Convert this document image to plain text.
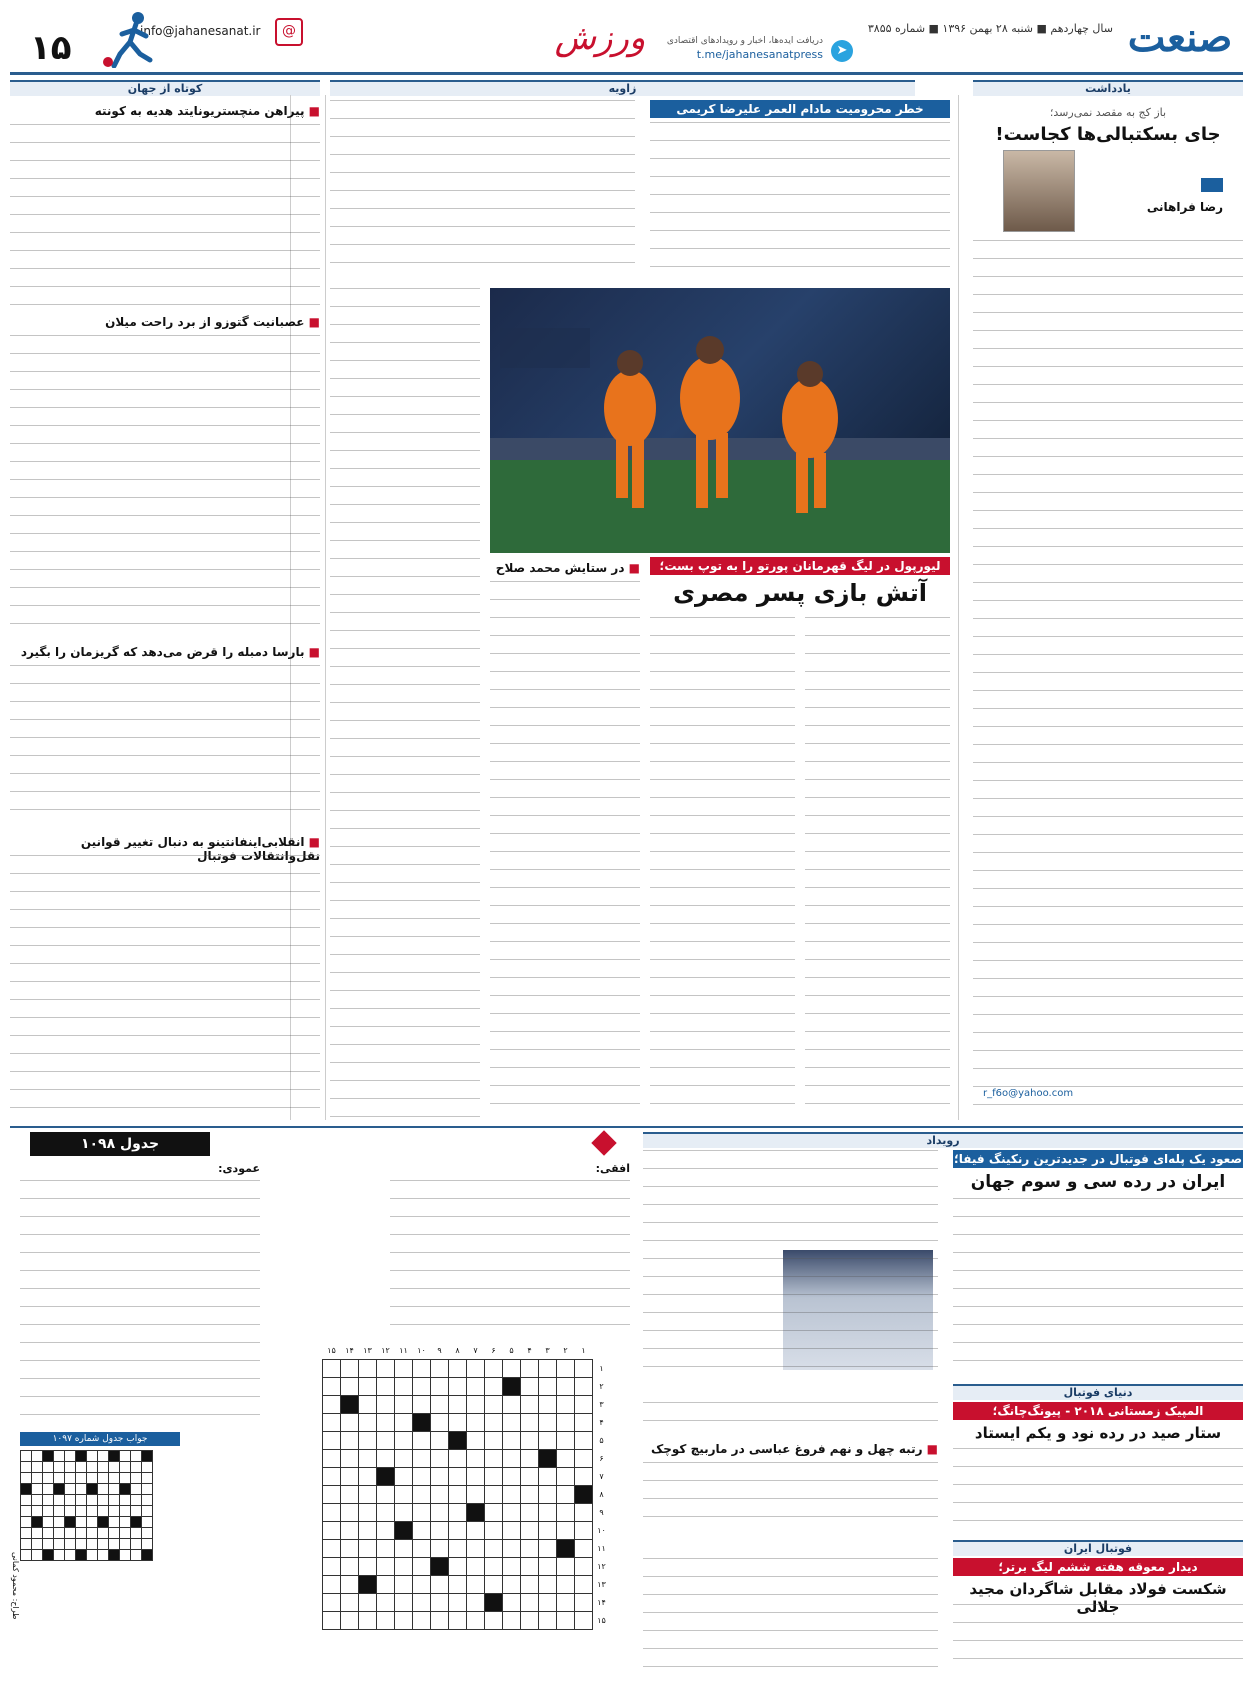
صنعت
سال چهاردهم ■ شنبه ۲۸ بهمن ۱۳۹۶ ■ شماره ۳۸۵۵
دریافت ایده‌ها، اخبار و رویدادهای اقتصادی
t.me/jahanesanatpress	➤
ورزش
@
info@jahanesanat.ir
۱۵
یادداشت
زاویه
کوتاه از جهان
باز کج به مقصد نمی‌رسد؛
جای بسکتبالی‌ها کجاست!
رضا فراهانی
r_f6o@yahoo.com
خطر محرومیت مادام العمر علیرضا کریمی
لیورپول در لیگ قهرمانان پورتو را به توپ بست؛
آتش بازی پسر مصری
■ در ستایش محمد صلاح
■ پیراهن منچستریونایتد هدیه به کونته
■ عصبانیت گتوزو از برد راحت میلان
■ بارسا دمبله را قرض می‌دهد که گریزمان را بگیرد
■ انقلابی‌اینفانتینو به دنبال تغییر قوانین نقل‌وانتقالات فوتبال
رویداد
صعود یک پله‌ای فوتبال در جدیدترین رنکینگ فیفا؛
ایران در رده سی و سوم جهان
دنیای فوتبال
المپیک زمستانی ۲۰۱۸ - پیونگ‌چانگ؛
ستار صید در رده نود و یکم ایستاد
■ رتبه چهل و نهم فروغ عباسی در ماربیچ کوچک
فوتبال ایران
دیدار معوقه هفته ششم لیگ برتر؛
شکست فولاد مقابل شاگردان مجید جلالی
جدول ۱۰۹۸
افقی:
عمودی:
	۱	۲	۳	۴	۵	۶	۷	۸	۹	۱۰	۱۱	۱۲	۱۳	۱۴	۱۵
۱															
۲															
۳															
۴															
۵															
۶															
۷															
۸															
۹															
۱۰															
۱۱															
۱۲															
۱۳															
۱۴															
۱۵															
جواب جدول شماره ۱۰۹۷

طراح: محمود کمانی
